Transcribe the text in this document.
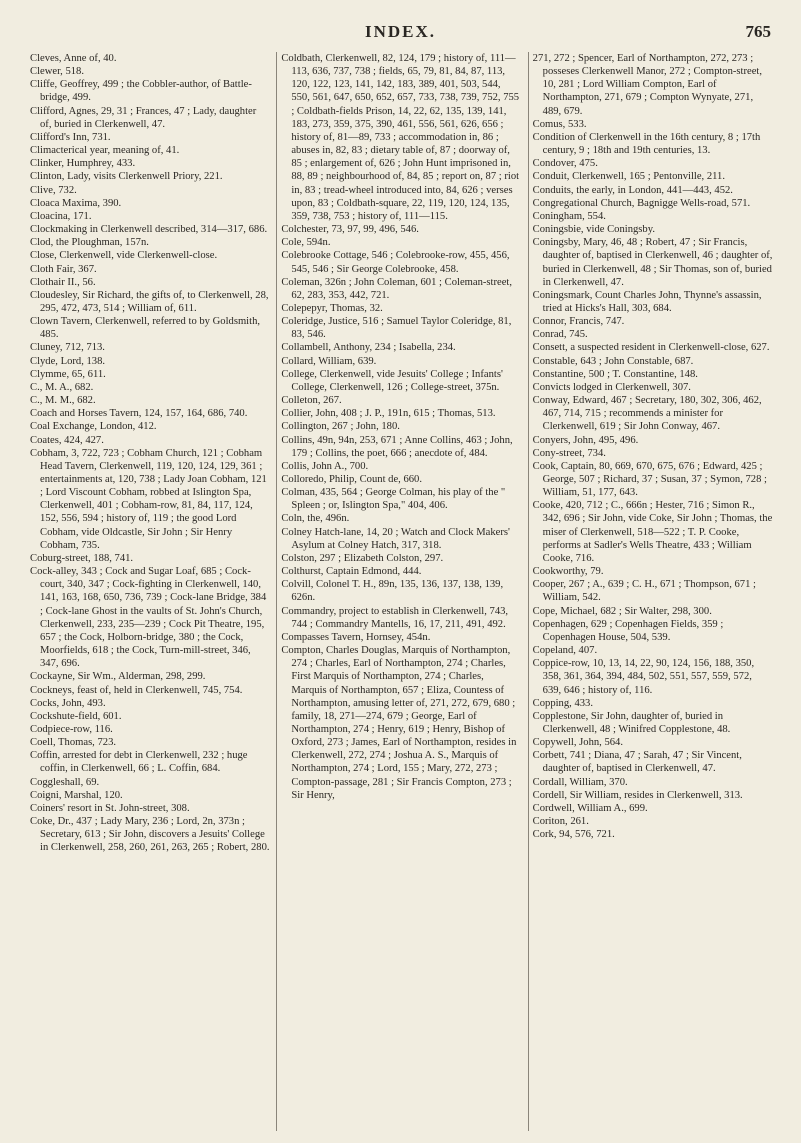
INDEX.	765

Cleves, Anne of, 40.

Clewer, 518.

Cliffe, Geoffrey, 499 ; the Cobbler-author, of Battle-bridge, 499.

Clifford, Agnes, 29, 31 ; Frances, 47 ; Lady, daughter of, buried in Clerkenwell, 47.

Clifford's Inn, 731.

Climacterical year, meaning of, 41.

Clinker, Humphrey, 433.

Clinton, Lady, visits Clerkenwell Priory, 221.

Clive, 732.

Cloaca Maxima, 390.

Cloacina, 171.

Clockmaking in Clerkenwell described, 314—317, 686.

Clod, the Ploughman, 157n.

Close, Clerkenwell, vide Clerkenwell-close.

Cloth Fair, 367.

Clothair II., 56.

Cloudesley, Sir Richard, the gifts of, to Clerkenwell, 28, 295, 472, 473, 514 ; William of, 611.

Clown Tavern, Clerkenwell, referred to by Goldsmith, 485.

Cluney, 712, 713.

Clyde, Lord, 138.

Clymme, 65, 611.

C., M. A., 682.

C., M. M., 682.

Coach and Horses Tavern, 124, 157, 164, 686, 740.

Coal Exchange, London, 412.

Coates, 424, 427.

Cobham, 3, 722, 723 ; Cobham Church, 121 ; Cobham Head Tavern, Clerkenwell, 119, 120, 124, 129, 361 ; entertainments at, 120, 738 ; Lady Joan Cobham, 121 ; Lord Viscount Cobham, robbed at Islington Spa, Clerkenwell, 401 ; Cobham-row, 81, 84, 117, 124, 152, 556, 594 ; history of, 119 ; the good Lord Cobham, vide Oldcastle, Sir John ; Sir Henry Cobham, 735.

Coburg-street, 188, 741.

Cock-alley, 343 ; Cock and Sugar Loaf, 685 ; Cock-court, 340, 347 ; Cock-fighting in Clerkenwell, 140, 141, 163, 168, 650, 736, 739 ; Cock-lane Bridge, 384 ; Cock-lane Ghost in the vaults of St. John's Church, Clerkenwell, 233, 235—239 ; Cock Pit Theatre, 195, 657 ; the Cock, Holborn-bridge, 380 ; the Cock, Moorfields, 618 ; the Cock, Turn-mill-street, 346, 347, 696.

Cockayne, Sir Wm., Alderman, 298, 299.

Cockneys, feast of, held in Clerkenwell, 745, 754.

Cocks, John, 493.

Cockshute-field, 601.

Codpiece-row, 116.

Coell, Thomas, 723.

Coffin, arrested for debt in Clerkenwell, 232 ; huge coffin, in Clerkenwell, 66 ; L. Coffin, 684.

Coggleshall, 69.

Coigni, Marshal, 120.

Coiners' resort in St. John-street, 308.

Coke, Dr., 437 ; Lady Mary, 236 ; Lord, 2n, 373n ; Secretary, 613 ; Sir John, discovers a Jesuits' College in Clerkenwell, 258, 260, 261, 263, 265 ; Robert, 280.

Coldbath, Clerkenwell, 82, 124, 179 ; history of, 111—113, 636, 737, 738 ; fields, 65, 79, 81, 84, 87, 113, 120, 122, 123, 141, 142, 183, 389, 401, 503, 544, 550, 561, 647, 650, 652, 657, 733, 738, 739, 752, 755 ; Coldbath-fields Prison, 14, 22, 62, 135, 139, 141, 183, 273, 359, 375, 390, 461, 556, 561, 626, 656 ; history of, 81—89, 733 ; accommodation in, 86 ; abuses in, 82, 83 ; dietary table of, 87 ; doorway of, 85 ; enlargement of, 626 ; John Hunt imprisoned in, 88, 89 ; neighbourhood of, 84, 85 ; report on, 87 ; riot in, 83 ; tread-wheel introduced into, 84, 626 ; verses upon, 83 ; Coldbath-square, 22, 119, 120, 124, 135, 359, 738, 753 ; history of, 111—115.

Colchester, 73, 97, 99, 496, 546.

Cole, 594n.

Colebrooke Cottage, 546 ; Colebrooke-row, 455, 456, 545, 546 ; Sir George Colebrooke, 458.

Coleman, 326n ; John Coleman, 601 ; Coleman-street, 62, 283, 353, 442, 721.

Colepepyr, Thomas, 32.

Coleridge, Justice, 516 ; Samuel Taylor Coleridge, 81, 83, 546.

Collambell, Anthony, 234 ; Isabella, 234.

Collard, William, 639.

College, Clerkenwell, vide Jesuits' College ; Infants' College, Clerkenwell, 126 ; College-street, 375n.

Colleton, 267.

Collier, John, 408 ; J. P., 191n, 615 ; Thomas, 513.

Collington, 267 ; John, 180.

Collins, 49n, 94n, 253, 671 ; Anne Collins, 463 ; John, 179 ; Collins, the poet, 666 ; anecdote of, 484.

Collis, John A., 700.

Colloredo, Philip, Count de, 660.

Colman, 435, 564 ; George Colman, his play of the " Spleen ; or, Islington Spa," 404, 406.

Coln, the, 496n.

Colney Hatch-lane, 14, 20 ; Watch and Clock Makers' Asylum at Colney Hatch, 317, 318.

Colston, 297 ; Elizabeth Colston, 297.

Colthurst, Captain Edmond, 444.

Colvill, Colonel T. H., 89n, 135, 136, 137, 138, 139, 626n.

Commandry, project to establish in Clerkenwell, 743, 744 ; Commandry Mantells, 16, 17, 211, 491, 492.

Compasses Tavern, Hornsey, 454n.

Compton, Charles Douglas, Marquis of Northampton, 274 ; Charles, Earl of Northampton, 274 ; Charles, First Marquis of Northampton, 274 ; Charles, Marquis of Northampton, 657 ; Eliza, Countess of Northampton, amusing letter of, 271, 272, 679, 680 ; family, 18, 271—274, 679 ; George, Earl of Northampton, 274 ; Henry, 619 ; Henry, Bishop of Oxford, 273 ; James, Earl of Northampton, resides in Clerkenwell, 272, 274 ; Joshua A. S., Marquis of Northampton, 274 ; Lord, 155 ; Mary, 272, 273 ; Compton-passage, 281 ; Sir Francis Compton, 273 ; Sir Henry,

271, 272 ; Spencer, Earl of Northampton, 272, 273 ; posseses Clerkenwell Manor, 272 ; Compton-street, 10, 281 ; Lord William Compton, Earl of Northampton, 271, 679 ; Compton Wynyate, 271, 489, 679.

Comus, 533.

Condition of Clerkenwell in the 16th century, 8 ; 17th century, 9 ; 18th and 19th centuries, 13.

Condover, 475.

Conduit, Clerkenwell, 165 ; Pentonville, 211.

Conduits, the early, in London, 441—443, 452.

Congregational Church, Bagnigge Wells-road, 571.

Coningham, 554.

Coningsbie, vide Coningsby.

Coningsby, Mary, 46, 48 ; Robert, 47 ; Sir Francis, daughter of, baptised in Clerkenwell, 46 ; daughter of, buried in Clerkenwell, 48 ; Sir Thomas, son of, buried in Clerkenwell, 47.

Coningsmark, Count Charles John, Thynne's assassin, tried at Hicks's Hall, 303, 684.

Connor, Francis, 747.

Conrad, 745.

Consett, a suspected resident in Clerkenwell-close, 627.

Constable, 643 ; John Constable, 687.

Constantine, 500 ; T. Constantine, 148.

Convicts lodged in Clerkenwell, 307.

Conway, Edward, 467 ; Secretary, 180, 302, 306, 462, 467, 714, 715 ; recommends a minister for Clerkenwell, 619 ; Sir John Conway, 467.

Conyers, John, 495, 496.

Cony-street, 734.

Cook, Captain, 80, 669, 670, 675, 676 ; Edward, 425 ; George, 507 ; Richard, 37 ; Susan, 37 ; Symon, 728 ; William, 51, 177, 643.

Cooke, 420, 712 ; C., 666n ; Hester, 716 ; Simon R., 342, 696 ; Sir John, vide Coke, Sir John ; Thomas, the miser of Clerkenwell, 518—522 ; T. P. Cooke, performs at Sadler's Wells Theatre, 433 ; William Cooke, 716.

Cookworthy, 79.

Cooper, 267 ; A., 639 ; C. H., 671 ; Thompson, 671 ; William, 542.

Cope, Michael, 682 ; Sir Walter, 298, 300.

Copenhagen, 629 ; Copenhagen Fields, 359 ; Copenhagen House, 504, 539.

Copeland, 407.

Coppice-row, 10, 13, 14, 22, 90, 124, 156, 188, 350, 358, 361, 364, 394, 484, 502, 551, 557, 559, 572, 639, 646 ; history of, 116.

Copping, 433.

Copplestone, Sir John, daughter of, buried in Clerkenwell, 48 ; Winifred Copplestone, 48.

Copywell, John, 564.

Corbett, 741 ; Diana, 47 ; Sarah, 47 ; Sir Vincent, daughter of, baptised in Clerkenwell, 47.

Cordall, William, 370.

Cordell, Sir William, resides in Clerkenwell, 313.

Cordwell, William A., 699.

Coriton, 261.

Cork, 94, 576, 721.
